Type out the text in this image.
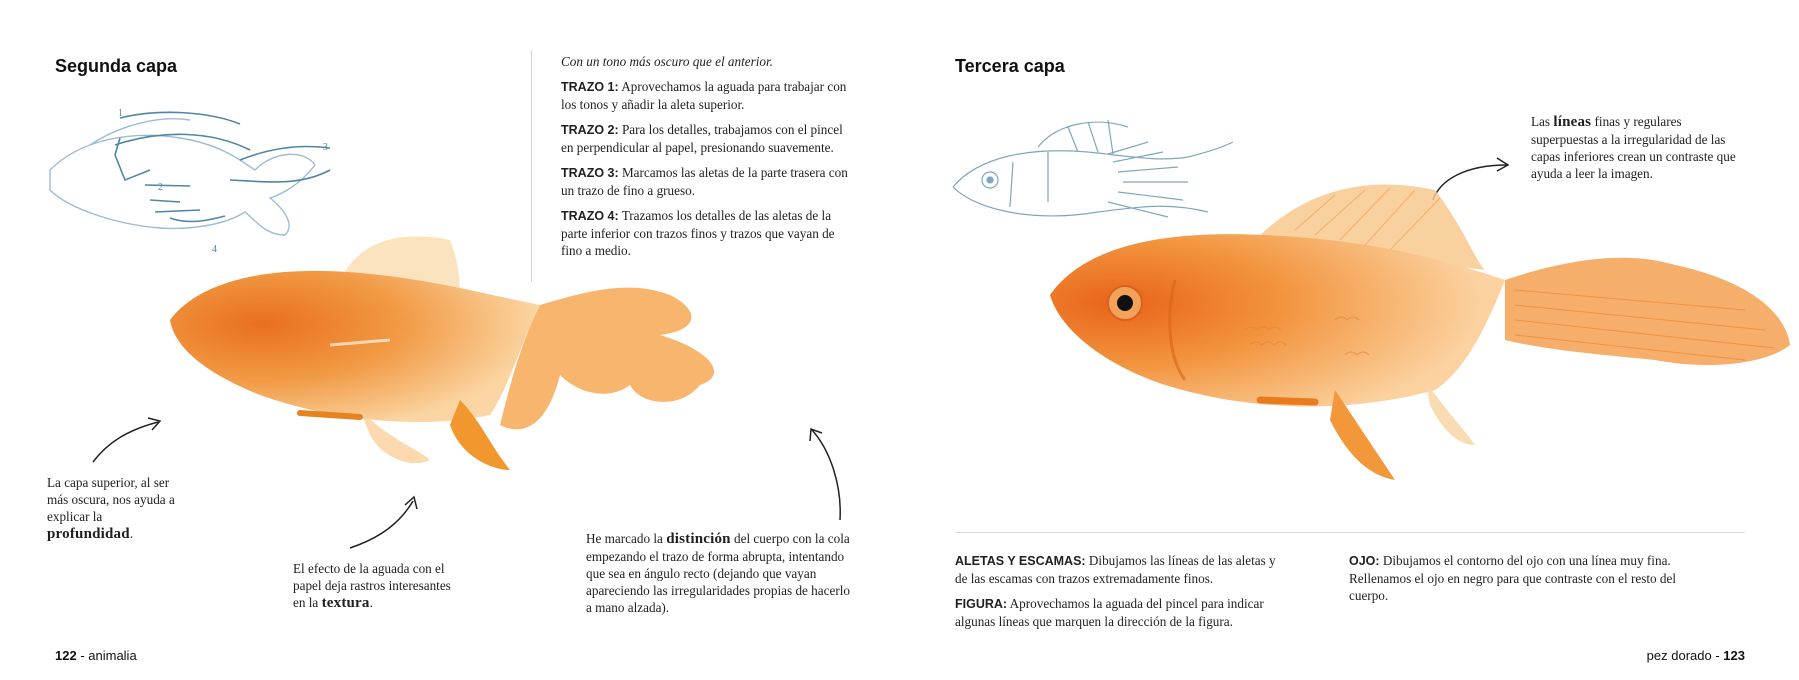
Segunda capa
1
2
3
4

Con un tono más oscuro que el anterior.

TRAZO 1: Aprovechamos la aguada para trabajar con los tonos y añadir la aleta superior.

TRAZO 2: Para los detalles, trabajamos con el pincel en perpendicular al papel, presionando suavemente.

TRAZO 3: Marcamos las aletas de la parte trasera con un trazo de fino a grueso.

TRAZO 4: Trazamos los detalles de las aletas de la parte inferior con trazos finos y trazos que vayan de fino a medio.

La capa superior, al ser más oscura, nos ayuda a explicar la profundidad.
El efecto de la aguada con el papel deja rastros interesantes en la textura.
He marcado la distinción del cuerpo con la cola empezando el trazo de forma abrupta, intentando que sea en ángulo recto (dejando que vayan apareciendo las irregularidades propias de hacerlo a mano alzada).
122 - animalia
Tercera capa
Las líneas finas y regulares superpuestas a la irregularidad de las capas inferiores crean un contraste que ayuda a leer la imagen.

ALETAS Y ESCAMAS: Dibujamos las líneas de las aletas y de las escamas con trazos extremadamente finos.

FIGURA: Aprovechamos la aguada del pincel para indicar algunas líneas que marquen la dirección de la figura.

OJO: Dibujamos el contorno del ojo con una línea muy fina. Rellenamos el ojo en negro para que contraste con el resto del cuerpo.
pez dorado - 123
